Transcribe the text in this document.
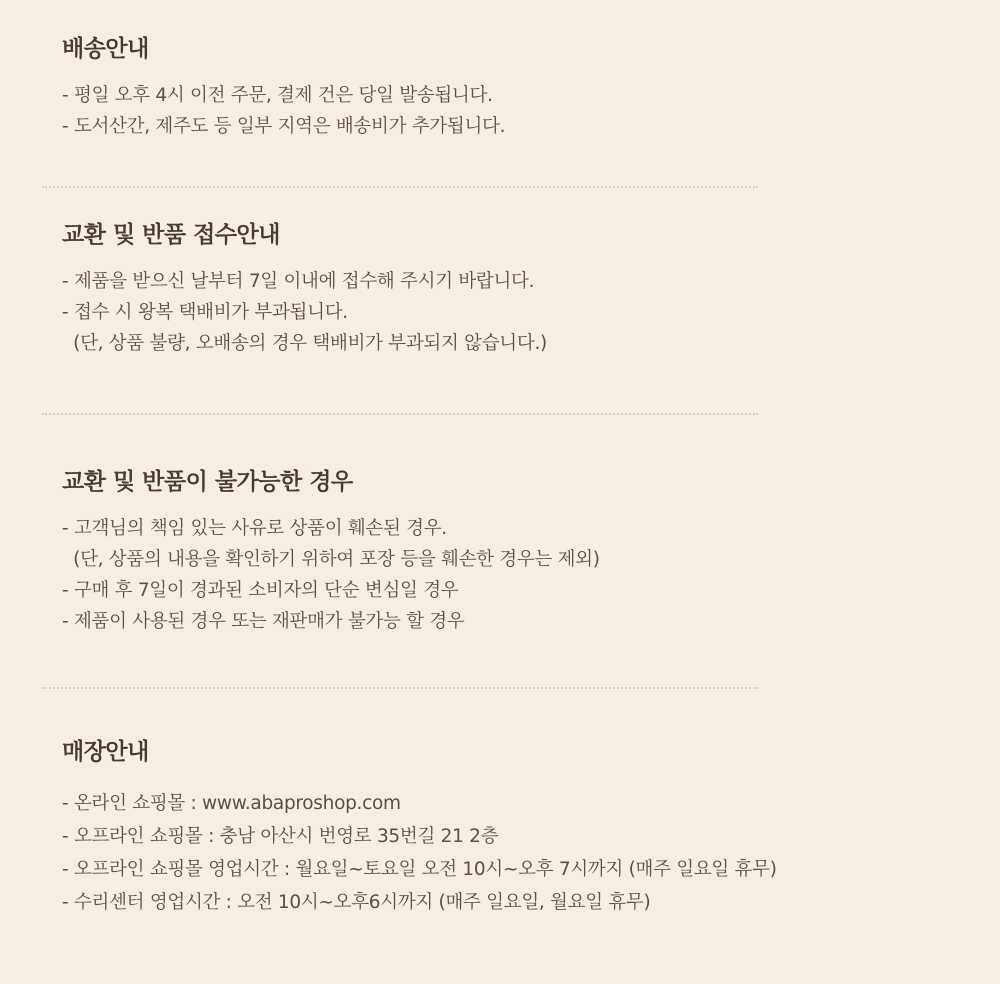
배송안내
- 평일 오후 4시 이전 주문, 결제 건은 당일 발송됩니다.
- 도서산간, 제주도 등 일부 지역은 배송비가 추가됩니다.
교환 및 반품 접수안내
- 제품을 받으신 날부터 7일 이내에 접수해 주시기 바랍니다.
- 접수 시 왕복 택배비가 부과됩니다.
(단, 상품 불량, 오배송의 경우 택배비가 부과되지 않습니다.)
교환 및 반품이 불가능한 경우
- 고객님의 책임 있는 사유로 상품이 훼손된 경우.
(단, 상품의 내용을 확인하기 위하여 포장 등을 훼손한 경우는 제외)
- 구매 후 7일이 경과된 소비자의 단순 변심일 경우
- 제품이 사용된 경우 또는 재판매가 불가능 할 경우
매장안내
- 온라인 쇼핑몰 : www.abaproshop.com
- 오프라인 쇼핑몰 : 충남 아산시 번영로 35번길 21 2층
- 오프라인 쇼핑몰 영업시간 : 월요일~토요일 오전 10시~오후 7시까지 (매주 일요일 휴무)
- 수리센터 영업시간 : 오전 10시~오후6시까지 (매주 일요일, 월요일 휴무)
